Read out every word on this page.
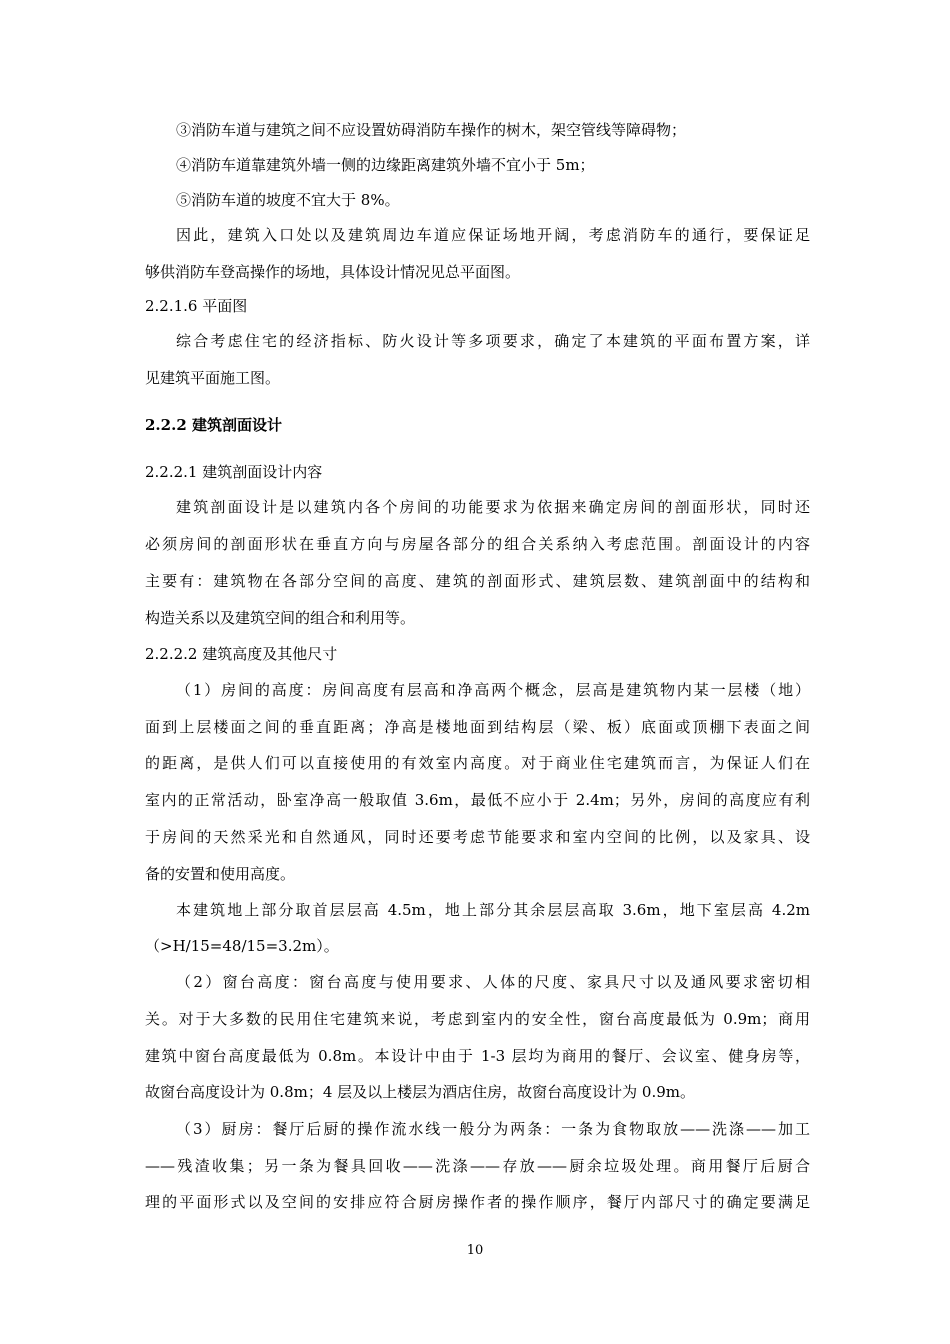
③消防车道与建筑之间不应设置妨碍消防车操作的树木，架空管线等障碍物；
④消防车道靠建筑外墙一侧的边缘距离建筑外墙不宜小于 5m；
⑤消防车道的坡度不宜大于 8%。
因此，建筑入口处以及建筑周边车道应保证场地开阔，考虑消防车的通行，要保证足
够供消防车登高操作的场地，具体设计情况见总平面图。
2.2.1.6 平面图
综合考虑住宅的经济指标、防火设计等多项要求，确定了本建筑的平面布置方案，详
见建筑平面施工图。
2.2.2 建筑剖面设计
2.2.2.1 建筑剖面设计内容
建筑剖面设计是以建筑内各个房间的功能要求为依据来确定房间的剖面形状，同时还
必须房间的剖面形状在垂直方向与房屋各部分的组合关系纳入考虑范围。剖面设计的内容
主要有：建筑物在各部分空间的高度、建筑的剖面形式、建筑层数、建筑剖面中的结构和
构造关系以及建筑空间的组合和利用等。
2.2.2.2 建筑高度及其他尺寸
（1）房间的高度：房间高度有层高和净高两个概念，层高是建筑物内某一层楼（地）
面到上层楼面之间的垂直距离；净高是楼地面到结构层（梁、板）底面或顶棚下表面之间
的距离，是供人们可以直接使用的有效室内高度。对于商业住宅建筑而言，为保证人们在
室内的正常活动，卧室净高一般取值 3.6m，最低不应小于 2.4m；另外，房间的高度应有利
于房间的天然采光和自然通风，同时还要考虑节能要求和室内空间的比例，以及家具、设
备的安置和使用高度。
本建筑地上部分取首层层高 4.5m，地上部分其余层层高取 3.6m，地下室层高 4.2m
（>H/15=48/15=3.2m）。
（2）窗台高度：窗台高度与使用要求、人体的尺度、家具尺寸以及通风要求密切相
关。对于大多数的民用住宅建筑来说，考虑到室内的安全性，窗台高度最低为 0.9m；商用
建筑中窗台高度最低为 0.8m。本设计中由于 1-3 层均为商用的餐厅、会议室、健身房等，
故窗台高度设计为 0.8m；4 层及以上楼层为酒店住房，故窗台高度设计为 0.9m。
（3）厨房：餐厅后厨的操作流水线一般分为两条：一条为食物取放——洗涤——加工
——残渣收集；另一条为餐具回收——洗涤——存放——厨余垃圾处理。商用餐厅后厨合
理的平面形式以及空间的安排应符合厨房操作者的操作顺序，餐厅内部尺寸的确定要满足
10
